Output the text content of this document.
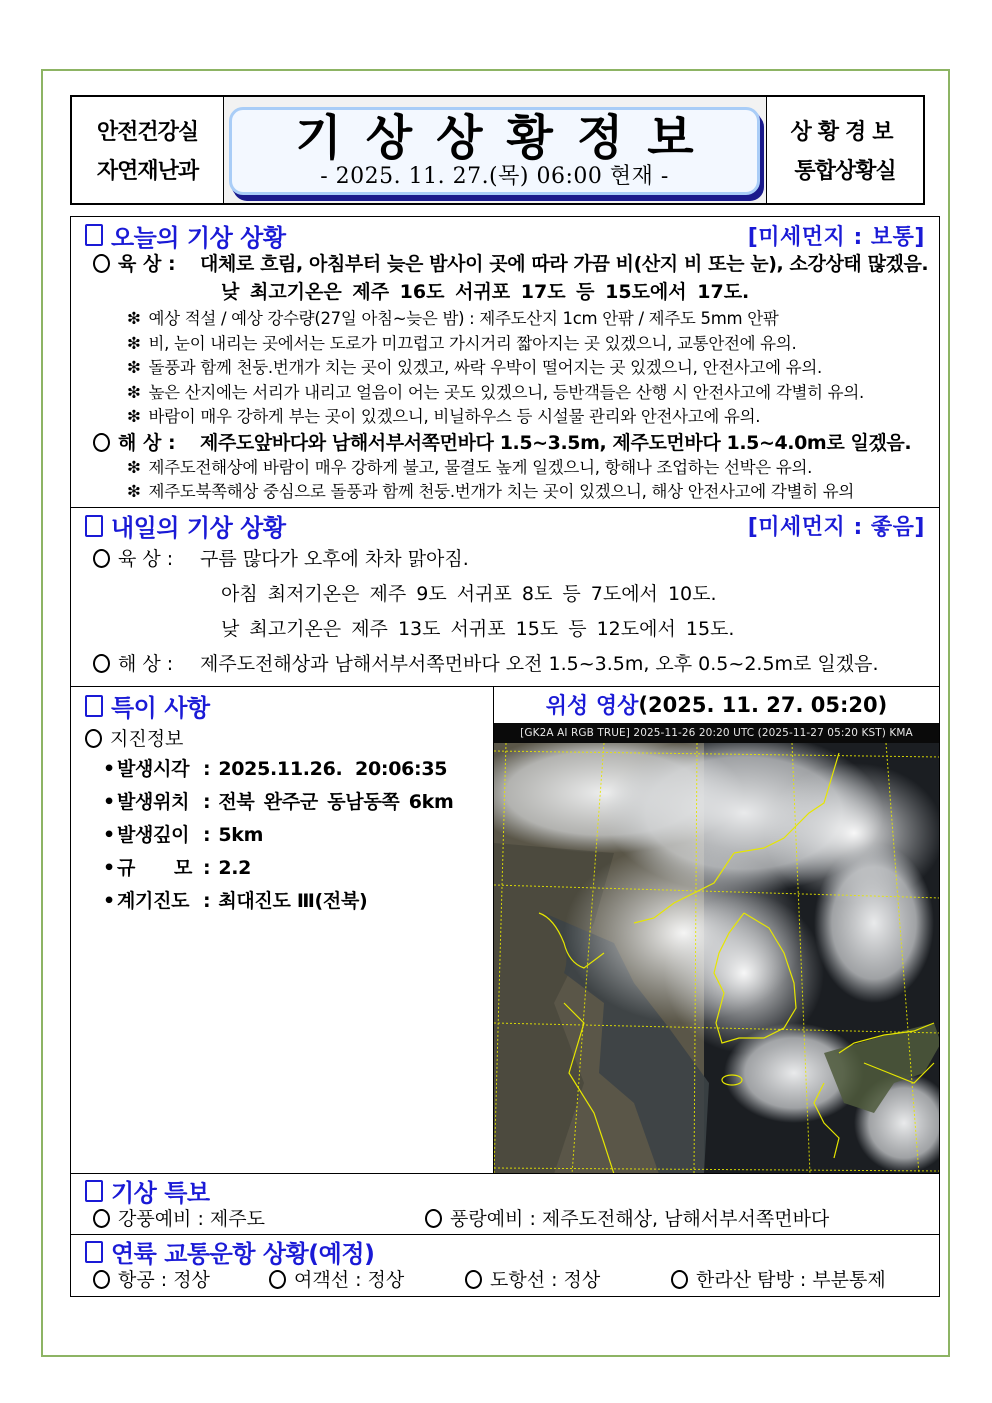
안전건강실
자연재난과
기상상황정보
- 2025. 11. 27.(목) 06:00 현재 -
상황경보
통합상황실
오늘의 기상 상황	[미세먼지 : 보통]
육 상 :	대체로 흐림, 아침부터 늦은 밤사이 곳에 따라 가끔 비(산지 비 또는 눈), 소강상태 많겠음.
낮 최고기온은 제주 16도 서귀포 17도 등 15도에서 17도.
❇ 예상 적설 / 예상 강수량(27일 아침~늦은 밤) : 제주도산지 1cm 안팎 / 제주도 5mm 안팎
❇ 비, 눈이 내리는 곳에서는 도로가 미끄럽고 가시거리 짧아지는 곳 있겠으니, 교통안전에 유의.
❇ 돌풍과 함께 천둥.번개가 치는 곳이 있겠고, 싸락 우박이 떨어지는 곳 있겠으니, 안전사고에 유의.
❇ 높은 산지에는 서리가 내리고 얼음이 어는 곳도 있겠으니, 등반객들은 산행 시 안전사고에 각별히 유의.
❇ 바람이 매우 강하게 부는 곳이 있겠으니, 비닐하우스 등 시설물 관리와 안전사고에 유의.
해 상 :	제주도앞바다와 남해서부서쪽먼바다 1.5~3.5m, 제주도먼바다 1.5~4.0m로 일겠음.
❇ 제주도전해상에 바람이 매우 강하게 불고, 물결도 높게 일겠으니, 항해나 조업하는 선박은 유의.
❇ 제주도북쪽해상 중심으로 돌풍과 함께 천둥.번개가 치는 곳이 있겠으니, 해상 안전사고에 각별히 유의
내일의 기상 상황	[미세먼지 : 좋음]
육 상 :	구름 많다가 오후에 차차 맑아짐.
아침 최저기온은 제주 9도 서귀포 8도 등 7도에서 10도.
낮 최고기온은 제주 13도 서귀포 15도 등 12도에서 15도.
해 상 :	제주도전해상과 남해서부서쪽먼바다 오전 1.5~3.5m, 오후 0.5~2.5m로 일겠음.
특이 사항
지진정보
• 발생시각 : 2025.11.26.  20:06:35
• 발생위치 : 전북 완주군 동남동쪽 6km
• 발생깊이 : 5km
• 규 모 : 2.2
• 계기진도 : 최대진도 Ⅲ(전북)
위성 영상 (2025. 11. 27. 05:20)
[GK2A AI RGB TRUE] 2025-11-26 20:20 UTC (2025-11-27 05:20 KST) KMA
기상 특보
강풍예비 : 제주도	풍랑예비 : 제주도전해상, 남해서부서쪽먼바다
연륙 교통운항 상황(예정)
항공 : 정상	여객선 : 정상	도항선 : 정상	한라산 탐방 : 부분통제
